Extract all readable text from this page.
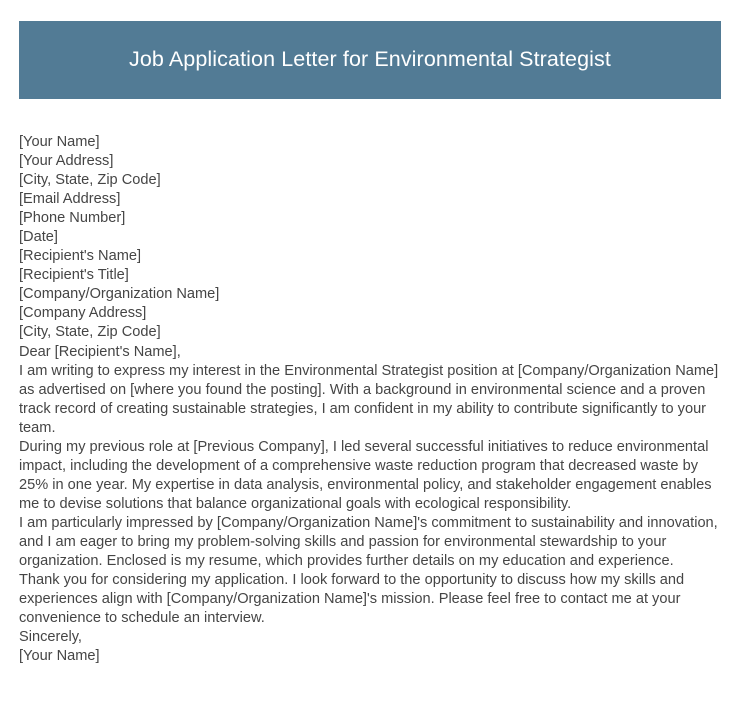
Job Application Letter for Environmental Strategist
[Your Name]
[Your Address]
[City, State, Zip Code]
[Email Address]
[Phone Number]
[Date]
[Recipient's Name]
[Recipient's Title]
[Company/Organization Name]
[Company Address]
[City, State, Zip Code]
Dear [Recipient's Name],

I am writing to express my interest in the Environmental Strategist position at [Company/Organization Name] as advertised on [where you found the posting]. With a background in environmental science and a proven track record of creating sustainable strategies, I am confident in my ability to contribute significantly to your team.

During my previous role at [Previous Company], I led several successful initiatives to reduce environmental impact, including the development of a comprehensive waste reduction program that decreased waste by 25% in one year. My expertise in data analysis, environmental policy, and stakeholder engagement enables me to devise solutions that balance organizational goals with ecological responsibility.

I am particularly impressed by [Company/Organization Name]'s commitment to sustainability and innovation, and I am eager to bring my problem-solving skills and passion for environmental stewardship to your organization. Enclosed is my resume, which provides further details on my education and experience.

Thank you for considering my application. I look forward to the opportunity to discuss how my skills and experiences align with [Company/Organization Name]'s mission. Please feel free to contact me at your convenience to schedule an interview.

Sincerely,
[Your Name]
